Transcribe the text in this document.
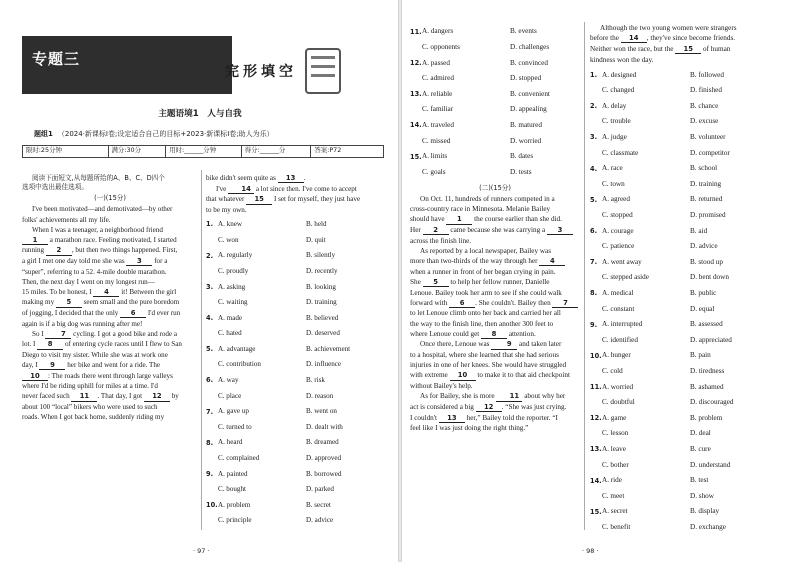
专题三
完形填空
主题语境1　人与自我
题组1 （2024·新课标Ⅰ卷;设定适合自己的目标+2023·新课标Ⅰ卷;助人为乐）
限时:25分钟	满分:30分	用时:______分钟	得分:______分	答案:P72
阅读下面短文,从每题所给的A、B、C、D四个
选项中选出最佳选项。
(一)(15分)
I've been motivated—and demotivated—by other
folks' achievements all my life.
When I was a teenager, a neighborhood friend
1 a marathon race. Feeling motivated, I started
running 2 , but then two things happened. First,
a girl I met one day told me she was 3 for a
“super”, referring to a 52. 4-mile double marathon.
Then, the next day I went on my longest run—
15 miles. To be honest, I 4 it! Between the girl
making my 5 seem small and the pure boredom
of jogging, I decided that the only 6 I'd ever run
again is if a big dog was running after me!
So I 7 cycling. I got a good bike and rode a
lot. I 8 of entering cycle races until I flew to San
Diego to visit my sister. While she was at work one
day, I 9 her bike and went for a ride. The
10 : The roads there went through large valleys
where I'd be riding uphill for miles at a time. I'd
never faced such 11 . That day, I got 12 by
about 100 “local” bikers who were used to such
roads. When I got back home, suddenly riding my
bike didn't seem quite as 13 .
I've 14 a lot since then. I've come to accept
that whatever 15 I set for myself, they just have
to be my own.
1. A. knew	B. held
C. won	D. quit
2. A. regularly	B. silently
C. proudly	D. recently
3. A. asking	B. looking
C. waiting	D. training
4. A. made	B. believed
C. hated	D. deserved
5. A. advantage	B. achievement
C. contribution	D. influence
6. A. way	B. risk
C. place	D. reason
7. A. gave up	B. went on
C. turned to	D. dealt with
8. A. heard	B. dreamed
C. complained	D. approved
9. A. painted	B. borrowed
C. bought	D. parked
10. A. problem	B. secret
C. principle	D. advice
· 97 ·
11. A. dangers	B. events
C. opponents	D. challenges
12. A. passed	B. convinced
C. admired	D. stopped
13. A. reliable	B. convenient
C. familiar	D. appealing
14. A. traveled	B. matured
C. missed	D. worried
15. A. limits	B. dates
C. goals	D. tests
(二)(15分)
On Oct. 11, hundreds of runners competed in a
cross-country race in Minnesota. Melanie Bailey
should have 1 the course earlier than she did.
Her 2 came because she was carrying a 3
across the finish line.
As reported by a local newspaper, Bailey was
more than two-thirds of the way through her 4
when a runner in front of her began crying in pain.
She 5 to help her fellow runner, Danielle
Lenoue. Bailey took her arm to see if she could walk
forward with 6 . She couldn't. Bailey then 7
to let Lenoue climb onto her back and carried her all
the way to the finish line, then another 300 feet to
where Lenoue could get 8 attention.
Once there, Lenoue was 9 and taken later
to a hospital, where she learned that she had serious
injuries in one of her knees. She would have struggled
with extreme 10 to make it to that aid checkpoint
without Bailey's help.
As for Bailey, she is more 11 about why her
act is considered a big 12 . “She was just crying.
I couldn't 13 her,” Bailey told the reporter. “I
feel like I was just doing the right thing.”
Although the two young women were strangers
before the 14 , they've since become friends.
Neither won the race, but the 15 of human
kindness won the day.
1. A. designed	B. followed
C. changed	D. finished
2. A. delay	B. chance
C. trouble	D. excuse
3. A. judge	B. volunteer
C. classmate	D. competitor
4. A. race	B. school
C. town	D. training
5. A. agreed	B. returned
C. stopped	D. promised
6. A. courage	B. aid
C. patience	D. advice
7. A. went away	B. stood up
C. stepped aside	D. bent down
8. A. medical	B. public
C. constant	D. equal
9. A. interrupted	B. assessed
C. identified	D. appreciated
10. A. hunger	B. pain
C. cold	D. tiredness
11. A. worried	B. ashamed
C. doubtful	D. discouraged
12. A. game	B. problem
C. lesson	D. deal
13. A. leave	B. cure
C. bother	D. understand
14. A. ride	B. test
C. meet	D. show
15. A. secret	B. display
C. benefit	D. exchange
· 98 ·
